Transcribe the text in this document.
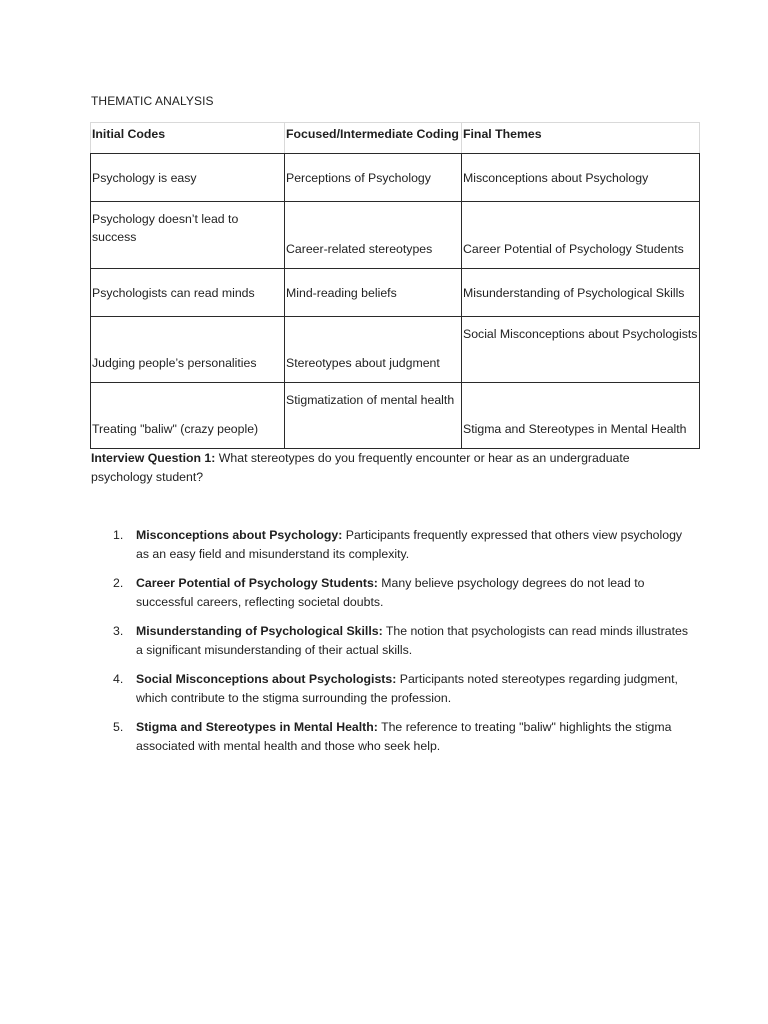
THEMATIC ANALYSIS
Initial Codes	Focused/Intermediate Coding	Final Themes
Psychology is easy	Perceptions of Psychology	Misconceptions about Psychology
Psychology doesn’t lead to success	Career-related stereotypes	Career Potential of Psychology Students
Psychologists can read minds	Mind-reading beliefs	Misunderstanding of Psychological Skills
Judging people’s personalities	Stereotypes about judgment	Social Misconceptions about Psychologists
Treating "baliw" (crazy people)	Stigmatization of mental health	Stigma and Stereotypes in Mental Health
Interview Question 1: What stereotypes do you frequently encounter or hear as an undergraduate psychology student?
1. Misconceptions about Psychology: Participants frequently expressed that others view psychology as an easy field and misunderstand its complexity.
2. Career Potential of Psychology Students: Many believe psychology degrees do not lead to successful careers, reflecting societal doubts.
3. Misunderstanding of Psychological Skills: The notion that psychologists can read minds illustrates a significant misunderstanding of their actual skills.
4. Social Misconceptions about Psychologists: Participants noted stereotypes regarding judgment, which contribute to the stigma surrounding the profession.
5. Stigma and Stereotypes in Mental Health: The reference to treating "baliw" highlights the stigma associated with mental health and those who seek help.
